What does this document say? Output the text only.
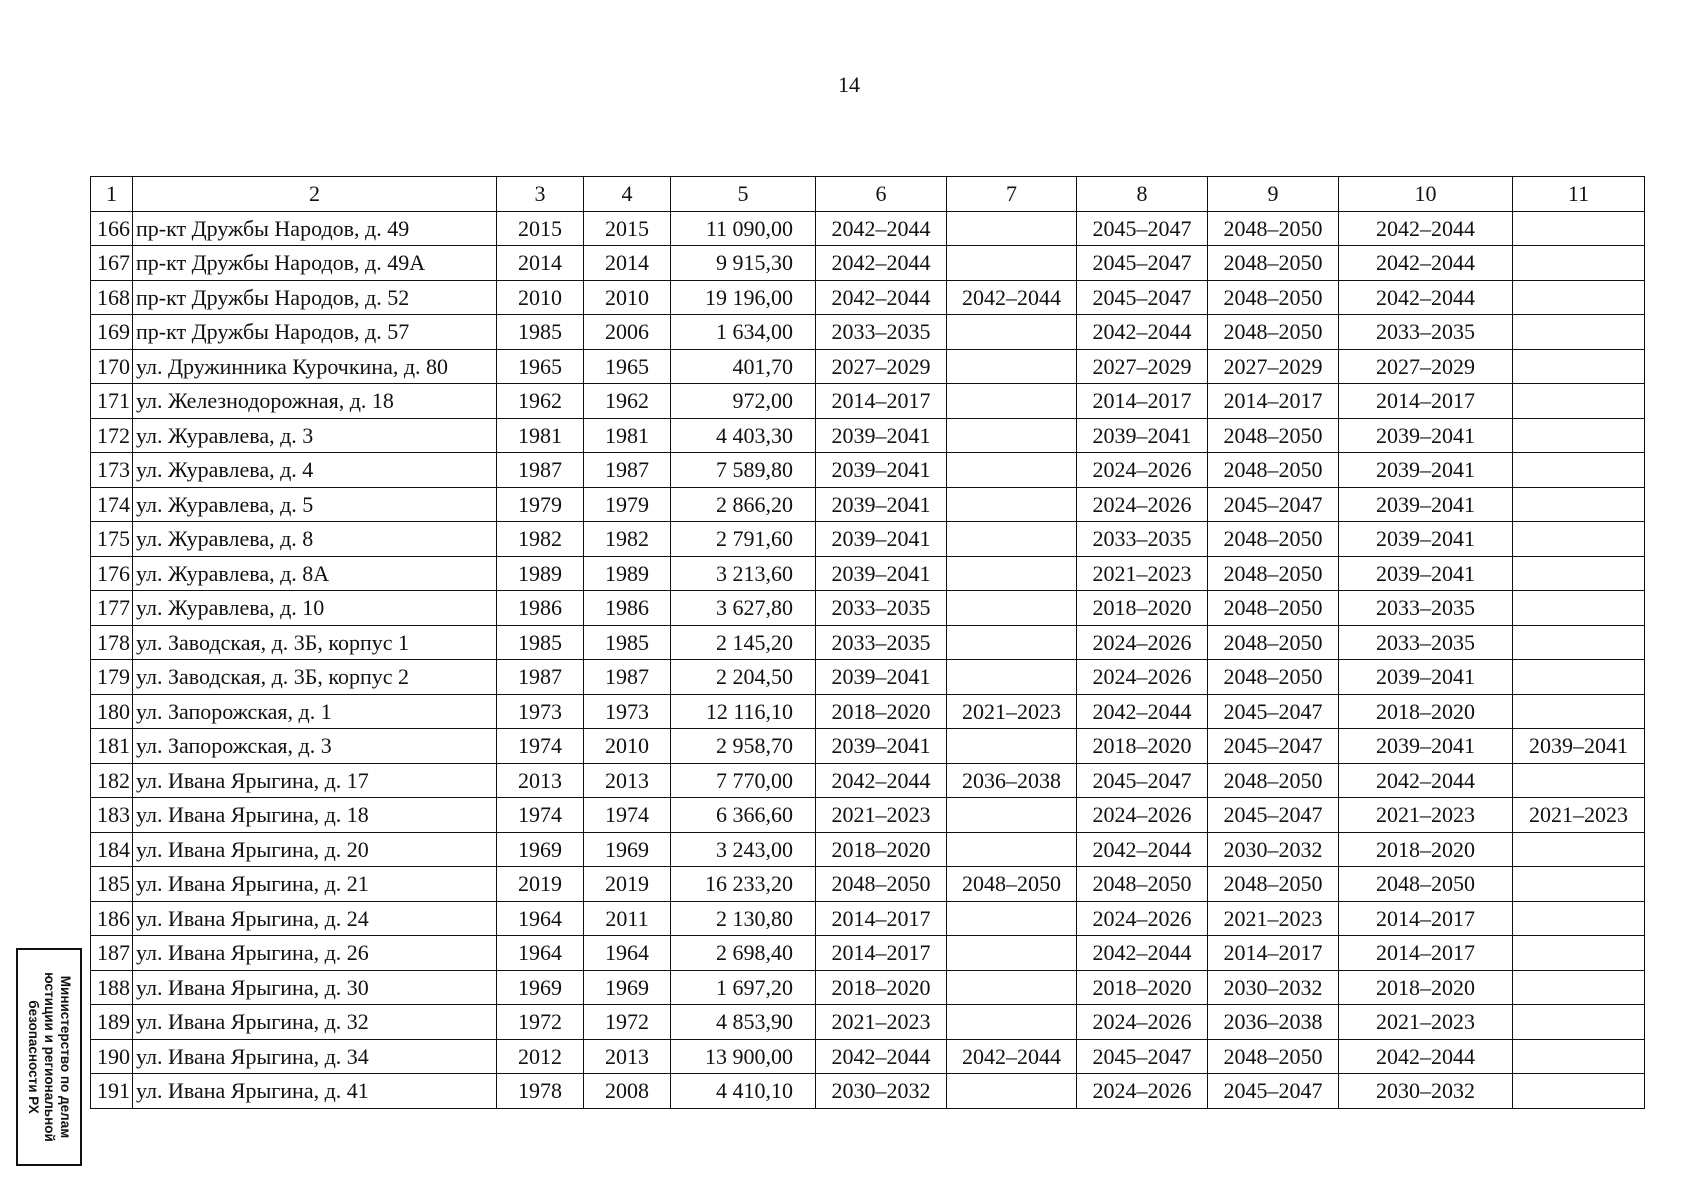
14
1	2	3	4	5	6	7	8	9	10	11
166	пр-кт Дружбы Народов, д. 49	2015	2015	11 090,00	2042–2044		2045–2047	2048–2050	2042–2044	
167	пр-кт Дружбы Народов, д. 49А	2014	2014	9 915,30	2042–2044		2045–2047	2048–2050	2042–2044	
168	пр-кт Дружбы Народов, д. 52	2010	2010	19 196,00	2042–2044	2042–2044	2045–2047	2048–2050	2042–2044	
169	пр-кт Дружбы Народов, д. 57	1985	2006	1 634,00	2033–2035		2042–2044	2048–2050	2033–2035	
170	ул. Дружинника Курочкина, д. 80	1965	1965	401,70	2027–2029		2027–2029	2027–2029	2027–2029	
171	ул. Железнодорожная, д. 18	1962	1962	972,00	2014–2017		2014–2017	2014–2017	2014–2017	
172	ул. Журавлева, д. 3	1981	1981	4 403,30	2039–2041		2039–2041	2048–2050	2039–2041	
173	ул. Журавлева, д. 4	1987	1987	7 589,80	2039–2041		2024–2026	2048–2050	2039–2041	
174	ул. Журавлева, д. 5	1979	1979	2 866,20	2039–2041		2024–2026	2045–2047	2039–2041	
175	ул. Журавлева, д. 8	1982	1982	2 791,60	2039–2041		2033–2035	2048–2050	2039–2041	
176	ул. Журавлева, д. 8А	1989	1989	3 213,60	2039–2041		2021–2023	2048–2050	2039–2041	
177	ул. Журавлева, д. 10	1986	1986	3 627,80	2033–2035		2018–2020	2048–2050	2033–2035	
178	ул. Заводская, д. 3Б, корпус 1	1985	1985	2 145,20	2033–2035		2024–2026	2048–2050	2033–2035	
179	ул. Заводская, д. 3Б, корпус 2	1987	1987	2 204,50	2039–2041		2024–2026	2048–2050	2039–2041	
180	ул. Запорожская, д. 1	1973	1973	12 116,10	2018–2020	2021–2023	2042–2044	2045–2047	2018–2020	
181	ул. Запорожская, д. 3	1974	2010	2 958,70	2039–2041		2018–2020	2045–2047	2039–2041	2039–2041
182	ул. Ивана Ярыгина, д. 17	2013	2013	7 770,00	2042–2044	2036–2038	2045–2047	2048–2050	2042–2044	
183	ул. Ивана Ярыгина, д. 18	1974	1974	6 366,60	2021–2023		2024–2026	2045–2047	2021–2023	2021–2023
184	ул. Ивана Ярыгина, д. 20	1969	1969	3 243,00	2018–2020		2042–2044	2030–2032	2018–2020	
185	ул. Ивана Ярыгина, д. 21	2019	2019	16 233,20	2048–2050	2048–2050	2048–2050	2048–2050	2048–2050	
186	ул. Ивана Ярыгина, д. 24	1964	2011	2 130,80	2014–2017		2024–2026	2021–2023	2014–2017	
187	ул. Ивана Ярыгина, д. 26	1964	1964	2 698,40	2014–2017		2042–2044	2014–2017	2014–2017	
188	ул. Ивана Ярыгина, д. 30	1969	1969	1 697,20	2018–2020		2018–2020	2030–2032	2018–2020	
189	ул. Ивана Ярыгина, д. 32	1972	1972	4 853,90	2021–2023		2024–2026	2036–2038	2021–2023	
190	ул. Ивана Ярыгина, д. 34	2012	2013	13 900,00	2042–2044	2042–2044	2045–2047	2048–2050	2042–2044	
191	ул. Ивана Ярыгина, д. 41	1978	2008	4 410,10	2030–2032		2024–2026	2045–2047	2030–2032	
Министерство по делам
юстиции и региональной
безопасности РХ
